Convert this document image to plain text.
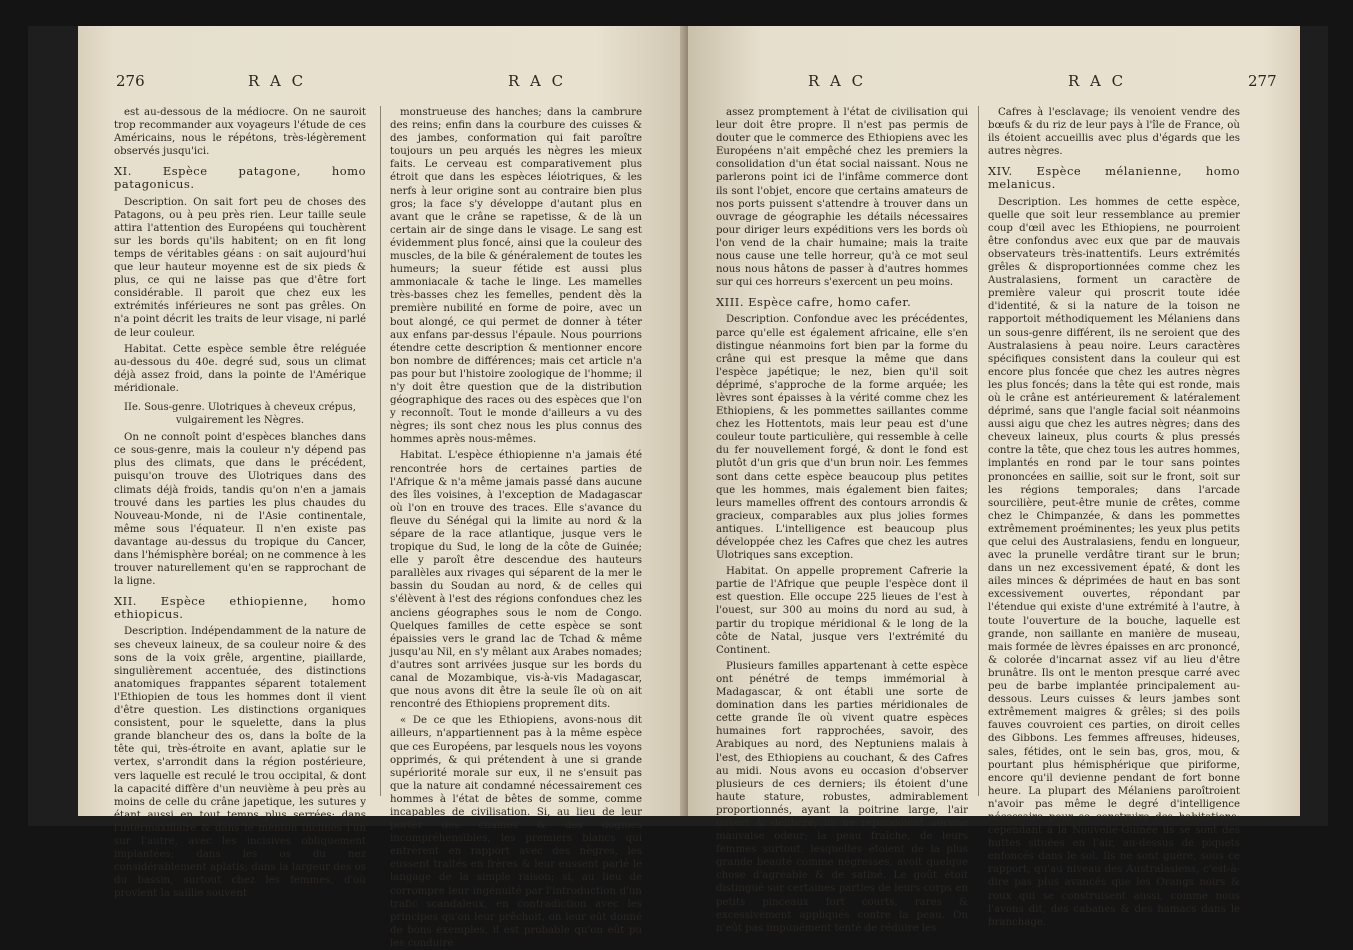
276	R A C	R A C

est au-dessous de la médiocre. On ne sauroit trop recommander aux voyageurs l'étude de ces Américains, nous le répétons, très-légèrement observés jusqu'ici.

XI. Espèce patagone, homo patagonicus.

Description. On sait fort peu de choses des Patagons, ou à peu près rien. Leur taille seule attira l'attention des Européens qui touchèrent sur les bords qu'ils habitent; on en fit long temps de véritables géans : on sait aujourd'hui que leur hauteur moyenne est de six pieds & plus, ce qui ne laisse pas que d'être fort considérable. Il paroit que chez eux les extrémités inférieures ne sont pas grêles. On n'a point décrit les traits de leur visage, ni parlé de leur couleur.

Habitat. Cette espèce semble être reléguée au-dessous du 40e. degré sud, sous un climat déjà assez froid, dans la pointe de l'Amérique méridionale.

IIe. Sous-genre. Ulotriques à cheveux crépus, vulgairement les Nègres.

On ne connoît point d'espèces blanches dans ce sous-genre, mais la couleur n'y dépend pas plus des climats, que dans le précédent, puisqu'on trouve des Ulotriques dans des climats déjà froids, tandis qu'on n'en a jamais trouvé dans les parties les plus chaudes du Nouveau-Monde, ni de l'Asie continentale, même sous l'équateur. Il n'en existe pas davantage au-dessus du tropique du Cancer, dans l'hémisphère boréal; on ne commence à les trouver naturellement qu'en se rapprochant de la ligne.

XII. Espèce ethiopienne, homo ethiopicus.

Description. Indépendamment de la nature de ses cheveux laineux, de sa couleur noire & des sons de la voix grêle, argentine, piaillarde, singulièrement accentuée, des distinctions anatomiques frappantes séparent totalement l'Ethiopien de tous les hommes dont il vient d'être question. Les distinctions organiques consistent, pour le squelette, dans la plus grande blancheur des os, dans la boîte de la tête qui, très-étroite en avant, aplatie sur le vertex, s'arrondit dans la région postérieure, vers laquelle est reculé le trou occipital, & dont la capacité diffère d'un neuvième à peu près au moins de celle du crâne japetique, les sutures y étant aussi en tout temps plus serrées; dans l'intermaxillaire & dans le menton inclinés l'un sur l'autre, avec les incisives obliquement implantées; dans les os du nez considérablement aplatis; dans la largeur des os du bassin, surtout chez les femmes, d'où provient la saillie souvent

monstrueuse des hanches; dans la cambrure des reins; enfin dans la courbure des cuisses & des jambes, conformation qui fait paroître toujours un peu arqués les nègres les mieux faits. Le cerveau est comparativement plus étroit que dans les espèces léiotriques, & les nerfs à leur origine sont au contraire bien plus gros; la face s'y développe d'autant plus en avant que le crâne se rapetisse, & de là un certain air de singe dans le visage. Le sang est évidemment plus foncé, ainsi que la couleur des muscles, de la bile & généralement de toutes les humeurs; la sueur fétide est aussi plus ammoniacale & tache le linge. Les mamelles très-basses chez les femelles, pendent dès la première nubilité en forme de poire, avec un bout alongé, ce qui permet de donner à téter aux enfans par-dessus l'épaule. Nous pourrions étendre cette description & mentionner encore bon nombre de différences; mais cet article n'a pas pour but l'histoire zoologique de l'homme; il n'y doit être question que de la distribution géographique des races ou des espèces que l'on y reconnoît. Tout le monde d'ailleurs a vu des nègres; ils sont chez nous les plus connus des hommes après nous-mêmes.

Habitat. L'espèce éthiopienne n'a jamais été rencontrée hors de certaines parties de l'Afrique & n'a même jamais passé dans aucune des îles voisines, à l'exception de Madagascar où l'on en trouve des traces. Elle s'avance du fleuve du Sénégal qui la limite au nord & la sépare de la race atlantique, jusque vers le tropique du Sud, le long de la côte de Guinée; elle y paroît être descendue des hauteurs parallèles aux rivages qui séparent de la mer le bassin du Soudan au nord, & de celles qui s'élèvent à l'est des régions confondues chez les anciens géographes sous le nom de Congo. Quelques familles de cette espèce se sont épaissies vers le grand lac de Tchad & même jusqu'au Nil, en s'y mêlant aux Arabes nomades; d'autres sont arrivées jusque sur les bords du canal de Mozambique, vis-à-vis Madagascar, que nous avons dit être la seule île où on ait rencontré des Ethiopiens proprement dits.

« De ce que les Ethiopiens, avons-nous dit ailleurs, n'appartiennent pas à la même espèce que ces Européens, par lesquels nous les voyons opprimés, & qui prétendent à une si grande supériorité morale sur eux, il ne s'ensuit pas que la nature ait condamné nécessairement ces hommes à l'état de bêtes de somme, comme incapables de civilisation. Si, au lieu de leur porter des chaînes & des dogmes incompréhensibles, les premiers blancs qui entrèrent en rapport avec des nègres, les eussent traités en frères & leur eussent parlé le langage de la simple raison; si, au lieu de corrompre leur ingénuité par l'introduction d'un trafic scandaleux, en contradiction avec les principes qu'on leur prêchoit, on leur eût donné de bons exemples, il est probable qu'on eût pu les conduire

R A C	R A C	277

assez promptement à l'état de civilisation qui leur doit être propre. Il n'est pas permis de douter que le commerce des Ethiopiens avec les Européens n'ait empêché chez les premiers la consolidation d'un état social naissant. Nous ne parlerons point ici de l'infâme commerce dont ils sont l'objet, encore que certains amateurs de nos ports puissent s'attendre à trouver dans un ouvrage de géographie les détails nécessaires pour diriger leurs expéditions vers les bords où l'on vend de la chair humaine; mais la traite nous cause une telle horreur, qu'à ce mot seul nous nous hâtons de passer à d'autres hommes sur qui ces horreurs s'exercent un peu moins.

XIII. Espèce cafre, homo cafer.

Description. Confondue avec les précédentes, parce qu'elle est également africaine, elle s'en distingue néanmoins fort bien par la forme du crâne qui est presque la même que dans l'espèce japétique; le nez, bien qu'il soit déprimé, s'approche de la forme arquée; les lèvres sont épaisses à la vérité comme chez les Ethiopiens, & les pommettes saillantes comme chez les Hottentots, mais leur peau est d'une couleur toute particulière, qui ressemble à celle du fer nouvellement forgé, & dont le fond est plutôt d'un gris que d'un brun noir. Les femmes sont dans cette espèce beaucoup plus petites que les hommes, mais également bien faites; leurs mamelles offrent des contours arrondis & gracieux, comparables aux plus jolies formes antiques. L'intelligence est beaucoup plus développée chez les Cafres que chez les autres Ulotriques sans exception.

Habitat. On appelle proprement Cafrerie la partie de l'Afrique que peuple l'espèce dont il est question. Elle occupe 225 lieues de l'est à l'ouest, sur 300 au moins du nord au sud, à partir du tropique méridional & le long de la côte de Natal, jusque vers l'extrémité du Continent.

Plusieurs familles appartenant à cette espèce ont pénétré de temps immémorial à Madagascar, & ont établi une sorte de domination dans les parties méridionales de cette grande île où vivent quatre espèces humaines fort rapprochées, savoir, des Arabiques au nord, des Neptuniens malais à l'est, des Ethiopiens au couchant, & des Cafres au midi. Nous avons eu occasion d'observer plusieurs de ces derniers; ils étoient d'une haute stature, robustes, admirablement proportionnés, ayant la poitrine large, l'air ouvert & délibéré; ils ne répandoient aucune mauvaise odeur; la peau fraîche, de leurs femmes surtout, lesquelles étoient de la plus grande beauté comme négresses, avoit quelque chose d'agréable & de satiné. Le goût étoit distingué sur certaines parties de leurs corps en petits pinceaux fort courts, rares & excessivement appliqués contre la peau. On n'eût pas impunément tenté de réduire les

Cafres à l'esclavage; ils venoient vendre des bœufs & du riz de leur pays à l'île de France, où ils étoient accueillis avec plus d'égards que les autres nègres.

XIV. Espèce mélanienne, homo melanicus.

Description. Les hommes de cette espèce, quelle que soit leur ressemblance au premier coup d'œil avec les Ethiopiens, ne pourroient être confondus avec eux que par de mauvais observateurs très-inattentifs. Leurs extrémités grêles & disproportionnées comme chez les Australasiens, forment un caractère de première valeur qui proscrit toute idée d'identité, & si la nature de la toison ne rapportoit méthodiquement les Mélaniens dans un sous-genre différent, ils ne seroient que des Australasiens à peau noire. Leurs caractères spécifiques consistent dans la couleur qui est encore plus foncée que chez les autres nègres les plus foncés; dans la tête qui est ronde, mais où le crâne est antérieurement & latéralement déprimé, sans que l'angle facial soit néanmoins aussi aigu que chez les autres nègres; dans des cheveux laineux, plus courts & plus pressés contre la tête, que chez tous les autres hommes, implantés en rond par le tour sans pointes prononcées en saillie, soit sur le front, soit sur les régions temporales; dans l'arcade sourcilière, peut-être munie de crêtes, comme chez le Chimpanzée, & dans les pommettes extrêmement proéminentes; les yeux plus petits que celui des Australasiens, fendu en longueur, avec la prunelle verdâtre tirant sur le brun; dans un nez excessivement épaté, & dont les ailes minces & déprimées de haut en bas sont excessivement ouvertes, répondant par l'étendue qui existe d'une extrémité à l'autre, à toute l'ouverture de la bouche, laquelle est grande, non saillante en manière de museau, mais formée de lèvres épaisses en arc prononcé, & colorée d'incarnat assez vif au lieu d'être brunâtre. Ils ont le menton presque carré avec peu de barbe implantée principalement au-dessous. Leurs cuisses & leurs jambes sont extrêmement maigres & grêles; si des poils fauves couvroient ces parties, on diroit celles des Gibbons. Les femmes affreuses, hideuses, sales, fétides, ont le sein bas, gros, mou, & pourtant plus hémisphérique que piriforme, encore qu'il devienne pendant de fort bonne heure. La plupart des Mélaniens paroîtroient n'avoir pas même le degré d'intelligence nécessaire pour se construire des habitations; cependant à la Nouvelle-Guinée ils se sont des huttes situées en l'air, au-dessus de piquets enfoncés dans le sol. Ils ne sont guère, sous ce rapport, qu'au niveau des Australasiens, c'est-à-dire pas plus avancés que les Orangs noirs & roux qui se construisent aussi, comme nous l'avons dit, des cabanes & des hamacs dans le branchage.
